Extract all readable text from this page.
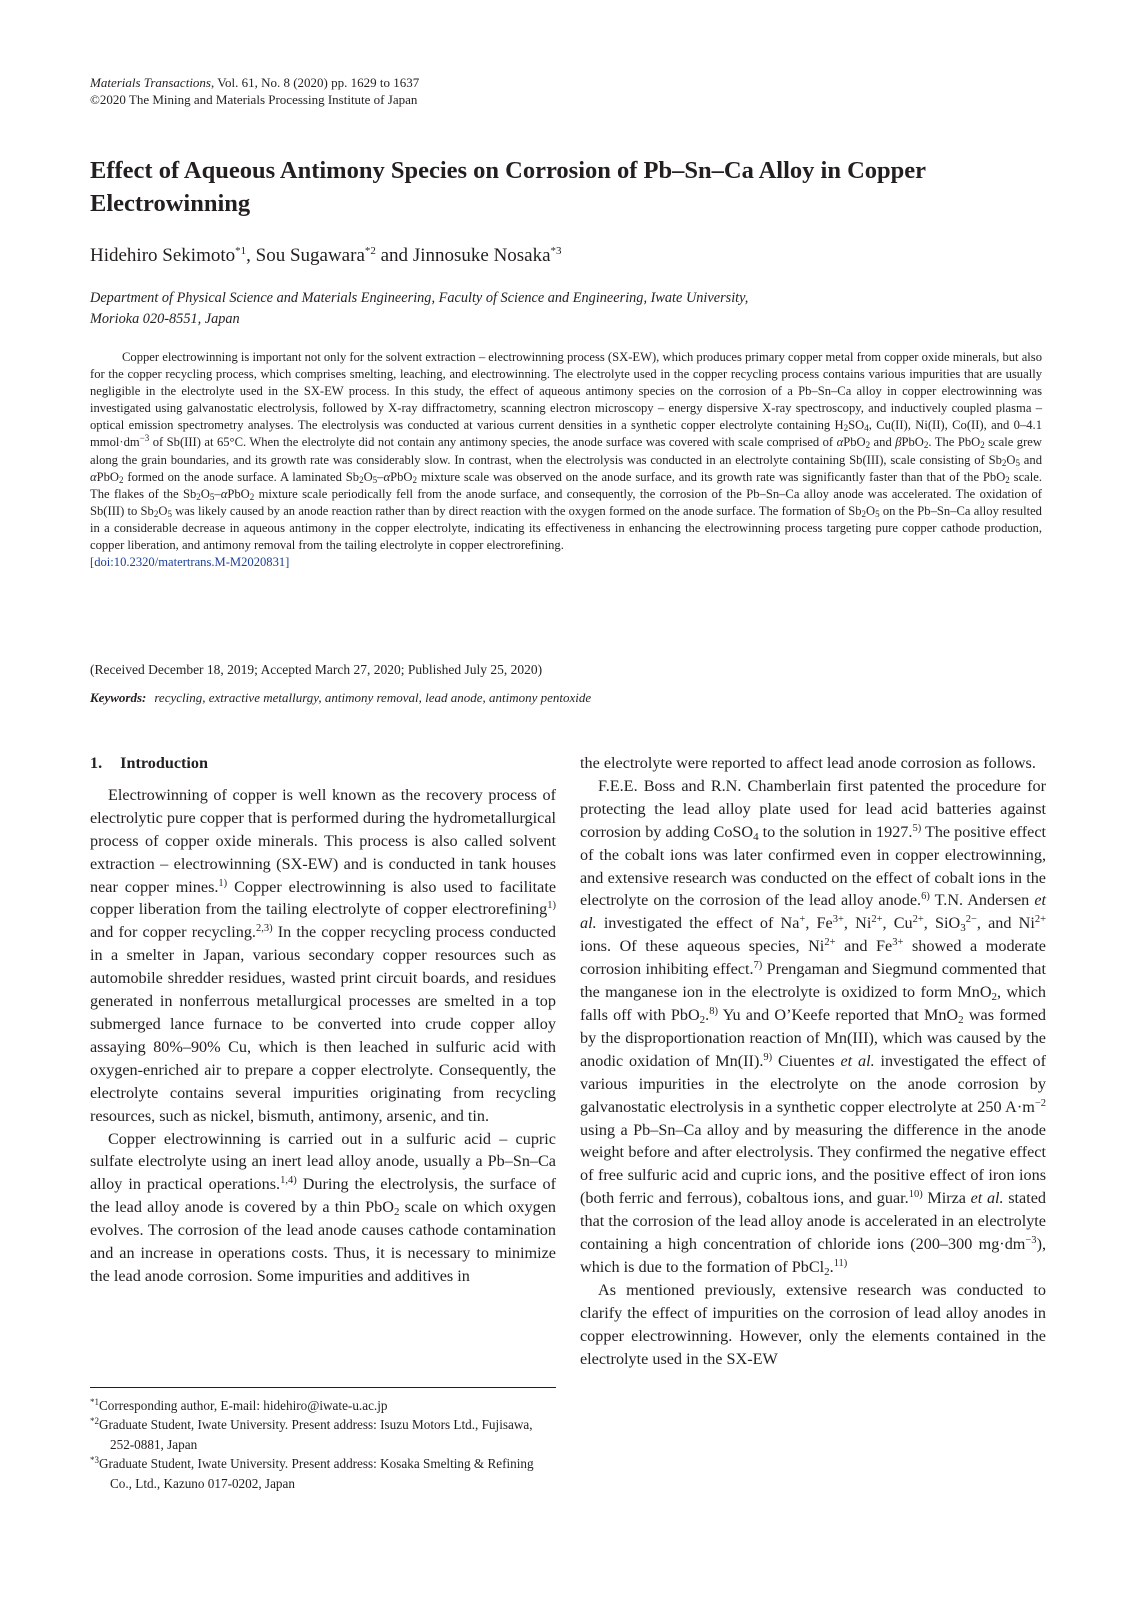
Materials Transactions, Vol. 61, No. 8 (2020) pp. 1629 to 1637
©2020 The Mining and Materials Processing Institute of Japan
Effect of Aqueous Antimony Species on Corrosion of Pb–Sn–Ca Alloy in Copper Electrowinning
Hidehiro Sekimoto$^{*1}$, Sou Sugawara$^{*2}$ and Jinnosuke Nosaka$^{*3}$
Department of Physical Science and Materials Engineering, Faculty of Science and Engineering, Iwate University,
Morioka 020-8551, Japan

Copper electrowinning is important not only for the solvent extraction – electrowinning process (SX-EW), which produces primary copper metal from copper oxide minerals, but also for the copper recycling process, which comprises smelting, leaching, and electrowinning. The electrolyte used in the copper recycling process contains various impurities that are usually negligible in the electrolyte used in the SX-EW process. In this study, the effect of aqueous antimony species on the corrosion of a Pb–Sn–Ca alloy in copper electrowinning was investigated using galvanostatic electrolysis, followed by X-ray diffractometry, scanning electron microscopy – energy dispersive X-ray spectroscopy, and inductively coupled plasma – optical emission spectrometry analyses. The electrolysis was conducted at various current densities in a synthetic copper electrolyte containing $H_2SO_4$, Cu(II), Ni(II), Co(II), and 0–4.1 $mmol\cdot dm^{-3}$ of Sb(III) at 65°C. When the electrolyte did not contain any antimony species, the anode surface was covered with scale comprised of αPbO$_2$ and βPbO$_2$. The PbO$_2$ scale grew along the grain boundaries, and its growth rate was considerably slow. In contrast, when the electrolysis was conducted in an electrolyte containing Sb(III), scale consisting of $Sb_2O_5$ and αPbO$_2$ formed on the anode surface. A laminated $Sb_2O_5-\alpha PbO_2$ mixture scale was observed on the anode surface, and its growth rate was significantly faster than that of the PbO$_2$ scale. The flakes of the $Sb_2O_5-\alpha PbO_2$ mixture scale periodically fell from the anode surface, and consequently, the corrosion of the Pb–Sn–Ca alloy anode was accelerated. The oxidation of Sb(III) to $Sb_2O_5$ was likely caused by an anode reaction rather than by direct reaction with the oxygen formed on the anode surface. The formation of $Sb_2O_5$ on the Pb–Sn–Ca alloy resulted in a considerable decrease in aqueous antimony in the copper electrolyte, indicating its effectiveness in enhancing the electrowinning process targeting pure copper cathode production, copper liberation, and antimony removal from the tailing electrolyte in copper electrorefining.
[doi:10.2320/matertrans.M-M2020831]

(Received December 18, 2019; Accepted March 27, 2020; Published July 25, 2020)
Keywords: recycling, extractive metallurgy, antimony removal, lead anode, antimony pentoxide
1. Introduction

Electrowinning of copper is well known as the recovery process of electrolytic pure copper that is performed during the hydrometallurgical process of copper oxide minerals. This process is also called solvent extraction – electrowinning (SX-EW) and is conducted in tank houses near copper mines.$^{1)}$ Copper electrowinning is also used to facilitate copper liberation from the tailing electrolyte of copper electrorefining$^{1)}$ and for copper recycling.$^{2,3)}$ In the copper recycling process conducted in a smelter in Japan, various secondary copper resources such as automobile shredder residues, wasted print circuit boards, and residues generated in nonferrous metallurgical processes are smelted in a top submerged lance furnace to be converted into crude copper alloy assaying 80%–90% Cu, which is then leached in sulfuric acid with oxygen-enriched air to prepare a copper electrolyte. Consequently, the electrolyte contains several impurities originating from recycling resources, such as nickel, bismuth, antimony, arsenic, and tin.

Copper electrowinning is carried out in a sulfuric acid – cupric sulfate electrolyte using an inert lead alloy anode, usually a Pb–Sn–Ca alloy in practical operations.$^{1,4)}$ During the electrolysis, the surface of the lead alloy anode is covered by a thin PbO$_2$ scale on which oxygen evolves. The corrosion of the lead anode causes cathode contamination and an increase in operations costs. Thus, it is necessary to minimize the lead anode corrosion. Some impurities and additives in

the electrolyte were reported to affect lead anode corrosion as follows.

F.E.E. Boss and R.N. Chamberlain first patented the procedure for protecting the lead alloy plate used for lead acid batteries against corrosion by adding CoSO$_4$ to the solution in 1927.$^{5)}$ The positive effect of the cobalt ions was later confirmed even in copper electrowinning, and extensive research was conducted on the effect of cobalt ions in the electrolyte on the corrosion of the lead alloy anode.$^{6)}$ T.N. Andersen et al. investigated the effect of Na+, $Fe^{3+}$, $Ni^{2+}$, $Cu^{2+}$, SiO$_3^{2-}$, and $Ni^{2+}$ ions. Of these aqueous species, $Ni^{2+}$ and $Fe^{3+}$ showed a moderate corrosion inhibiting effect.$^{7)}$ Prengaman and Siegmund commented that the manganese ion in the electrolyte is oxidized to form MnO$_2$, which falls off with PbO$_2$.$^{8)}$ Yu and O’Keefe reported that MnO$_2$ was formed by the disproportionation reaction of Mn(III), which was caused by the anodic oxidation of Mn(II).$^{9)}$ Ciuentes et al. investigated the effect of various impurities in the electrolyte on the anode corrosion by galvanostatic electrolysis in a synthetic copper electrolyte at 250 $A\cdot m^{-2}$ using a Pb–Sn–Ca alloy and by measuring the difference in the anode weight before and after electrolysis. They confirmed the negative effect of free sulfuric acid and cupric ions, and the positive effect of iron ions (both ferric and ferrous), cobaltous ions, and guar.$^{10)}$ Mirza et al. stated that the corrosion of the lead alloy anode is accelerated in an electrolyte containing a high concentration of chloride ions (200–300 $mg\cdot dm^{-3}$), which is due to the formation of PbCl$_2$.$^{11)}$

As mentioned previously, extensive research was conducted to clarify the effect of impurities on the corrosion of lead alloy anodes in copper electrowinning. However, only the elements contained in the electrolyte used in the SX-EW

$^{*1}$Corresponding author, E-mail: hidehiro@iwate-u.ac.jp
$^{*2}$Graduate Student, Iwate University. Present address: Isuzu Motors Ltd., Fujisawa, 252-0881, Japan
$^{*3}$Graduate Student, Iwate University. Present address: Kosaka Smelting & Refining Co., Ltd., Kazuno 017-0202, Japan
